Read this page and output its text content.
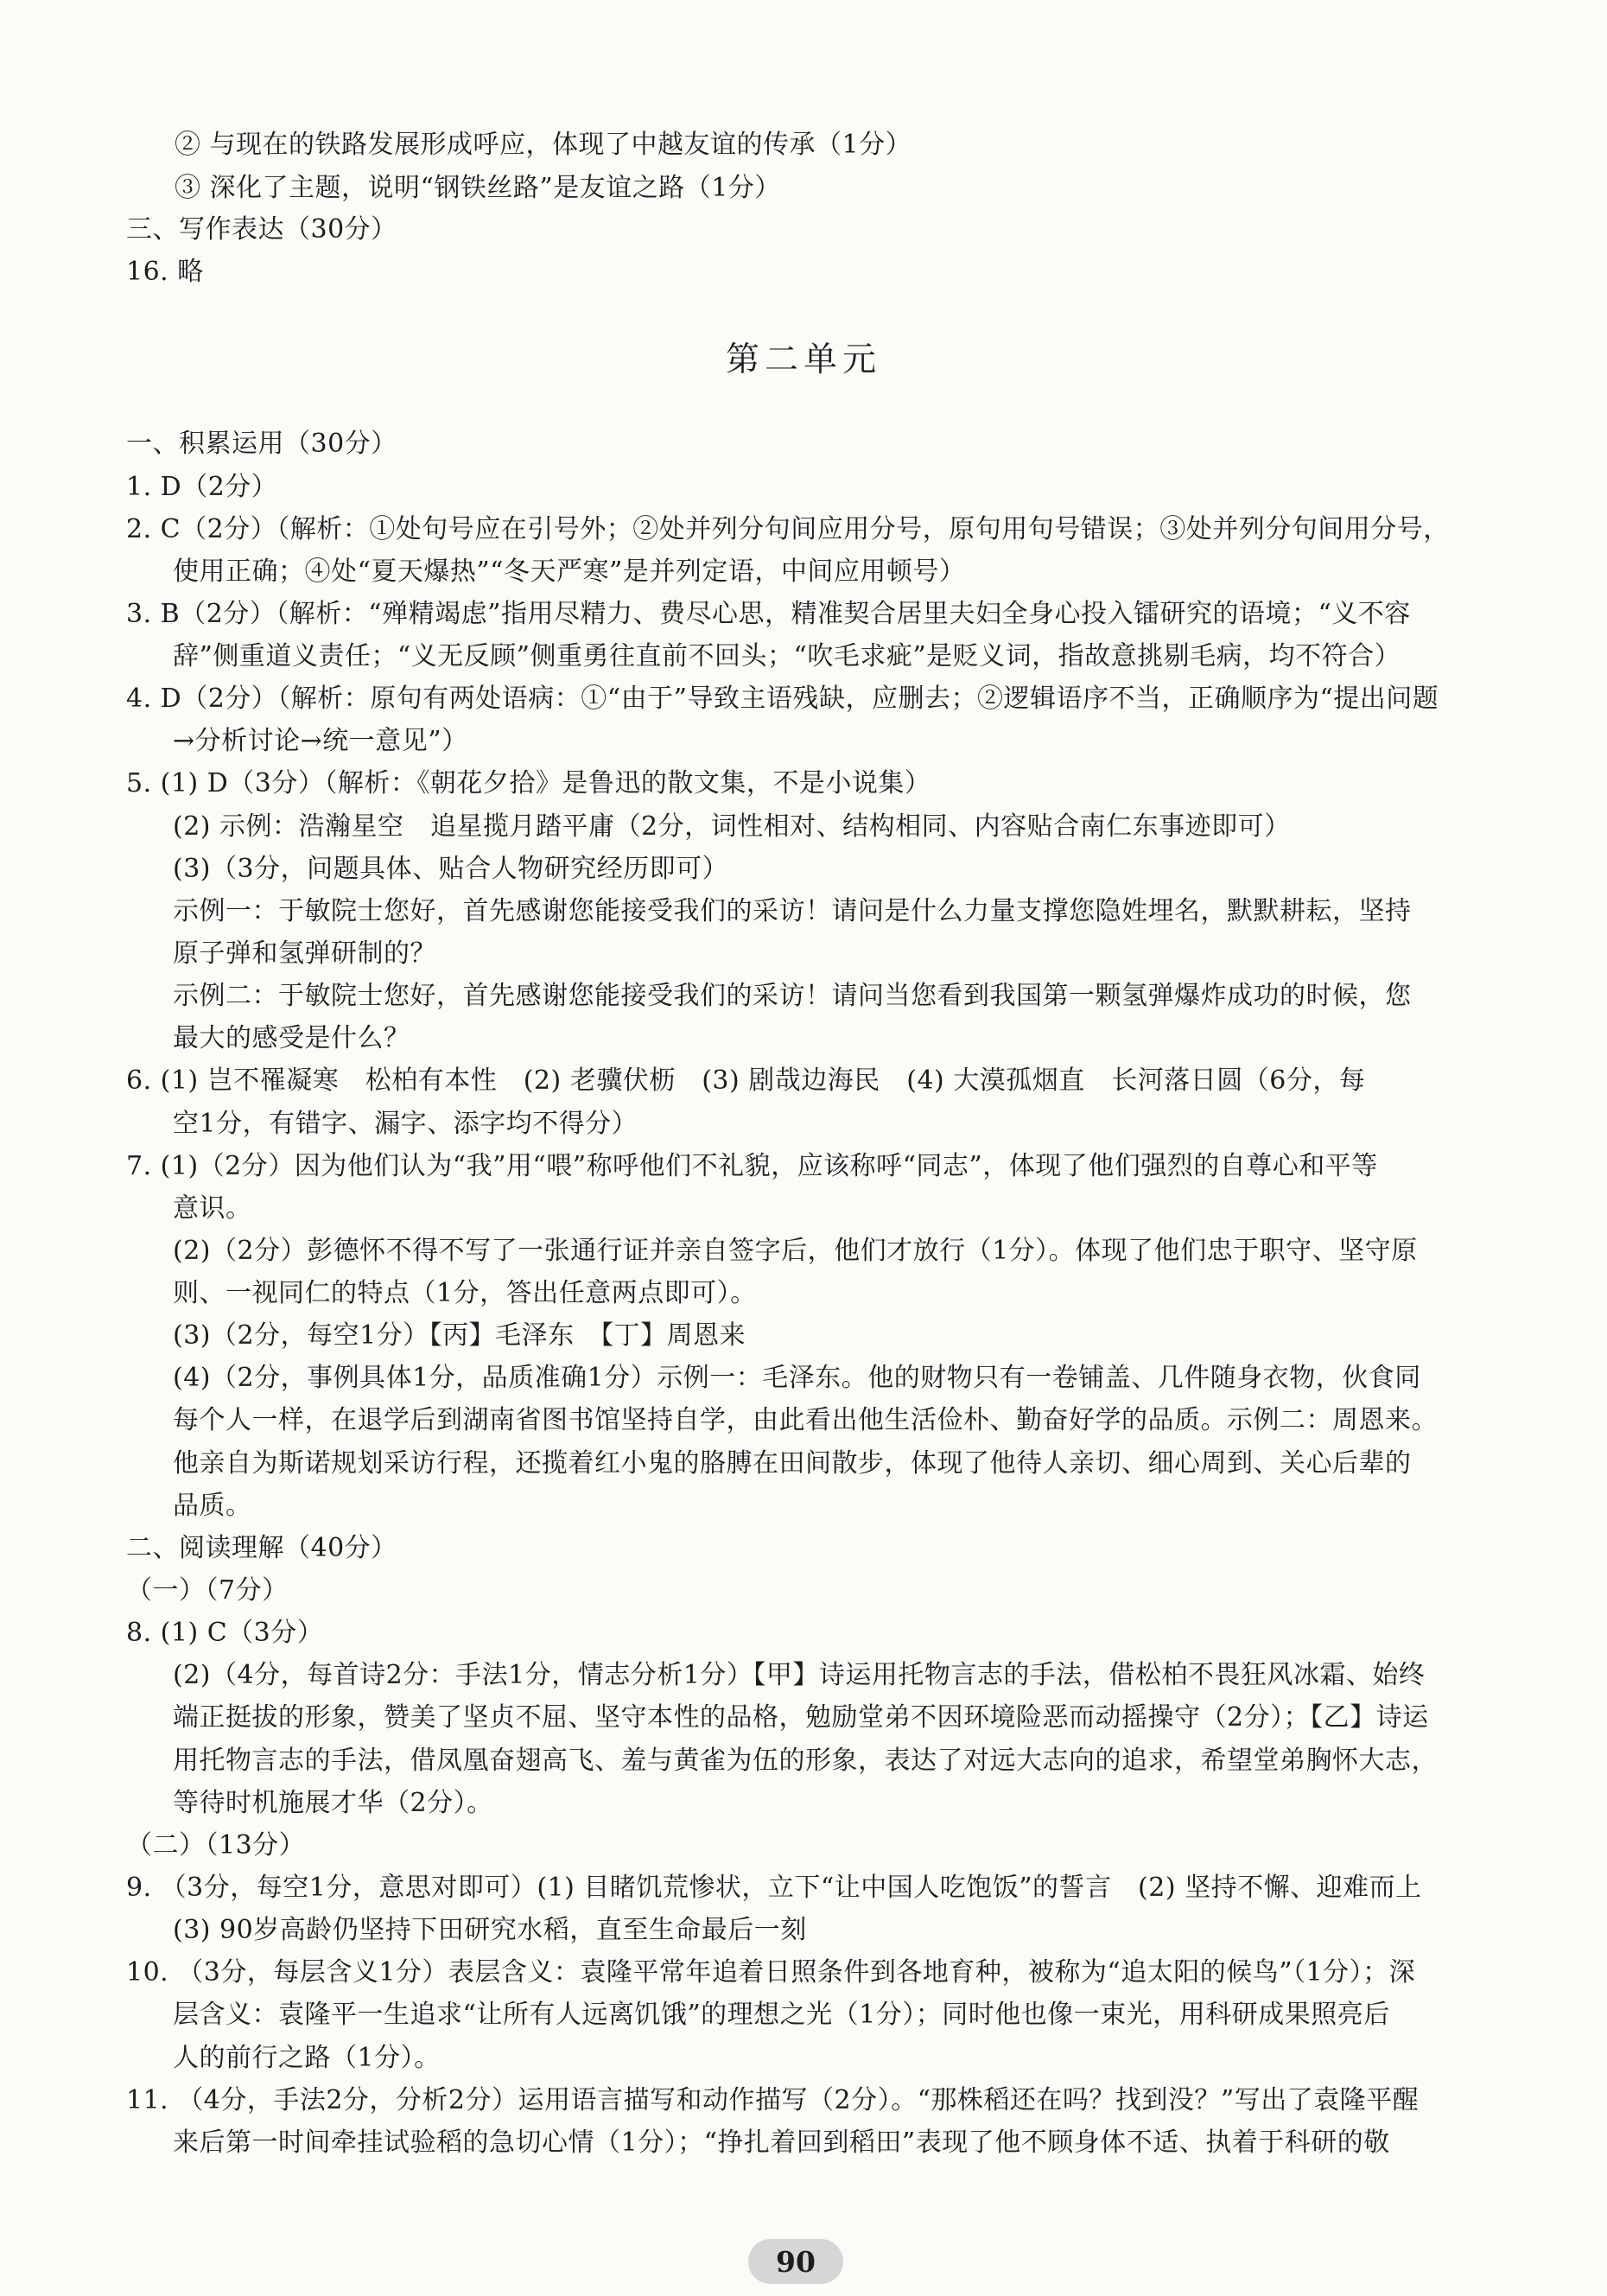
② 与现在的铁路发展形成呼应，体现了中越友谊的传承（1分）
③ 深化了主题，说明“钢铁丝路”是友谊之路（1分）
三、写作表达（30分）
16. 略
第二单元
一、积累运用（30分）
1. D（2分）
2. C（2分）（解析：①处句号应在引号外；②处并列分句间应用分号，原句用句号错误；③处并列分句间用分号，
使用正确；④处“夏天爆热”“冬天严寒”是并列定语，中间应用顿号）
3. B（2分）（解析：“殚精竭虑”指用尽精力、费尽心思，精准契合居里夫妇全身心投入镭研究的语境；“义不容
辞”侧重道义责任；“义无反顾”侧重勇往直前不回头；“吹毛求疵”是贬义词，指故意挑剔毛病，均不符合）
4. D（2分）（解析：原句有两处语病：①“由于”导致主语残缺，应删去；②逻辑语序不当，正确顺序为“提出问题
→分析讨论→统一意见”）
5. (1) D（3分）（解析：《朝花夕拾》是鲁迅的散文集，不是小说集）
(2) 示例：浩瀚星空　追星揽月踏平庸（2分，词性相对、结构相同、内容贴合南仁东事迹即可）
(3)（3分，问题具体、贴合人物研究经历即可）
示例一：于敏院士您好，首先感谢您能接受我们的采访！请问是什么力量支撑您隐姓埋名，默默耕耘，坚持
原子弹和氢弹研制的？
示例二：于敏院士您好，首先感谢您能接受我们的采访！请问当您看到我国第一颗氢弹爆炸成功的时候，您
最大的感受是什么？
6. (1) 岂不罹凝寒　松柏有本性　(2) 老骥伏枥　(3) 剧哉边海民　(4) 大漠孤烟直　长河落日圆（6分，每
空1分，有错字、漏字、添字均不得分）
7. (1)（2分）因为他们认为“我”用“喂”称呼他们不礼貌，应该称呼“同志”，体现了他们强烈的自尊心和平等
意识。
(2)（2分）彭德怀不得不写了一张通行证并亲自签字后，他们才放行（1分）。体现了他们忠于职守、坚守原
则、一视同仁的特点（1分，答出任意两点即可）。
(3)（2分，每空1分）【丙】毛泽东　【丁】周恩来
(4)（2分，事例具体1分，品质准确1分）示例一：毛泽东。他的财物只有一卷铺盖、几件随身衣物，伙食同
每个人一样，在退学后到湖南省图书馆坚持自学，由此看出他生活俭朴、勤奋好学的品质。示例二：周恩来。
他亲自为斯诺规划采访行程，还揽着红小鬼的胳膊在田间散步，体现了他待人亲切、细心周到、关心后辈的
品质。
二、阅读理解（40分）
（一）（7分）
8. (1) C（3分）
(2)（4分，每首诗2分：手法1分，情志分析1分）【甲】诗运用托物言志的手法，借松柏不畏狂风冰霜、始终
端正挺拔的形象，赞美了坚贞不屈、坚守本性的品格，勉励堂弟不因环境险恶而动摇操守（2分）；【乙】诗运
用托物言志的手法，借凤凰奋翅高飞、羞与黄雀为伍的形象，表达了对远大志向的追求，希望堂弟胸怀大志，
等待时机施展才华（2分）。
（二）（13分）
9. （3分，每空1分，意思对即可）(1) 目睹饥荒惨状，立下“让中国人吃饱饭”的誓言　(2) 坚持不懈、迎难而上
(3) 90岁高龄仍坚持下田研究水稻，直至生命最后一刻
10. （3分，每层含义1分）表层含义：袁隆平常年追着日照条件到各地育种，被称为“追太阳的候鸟”（1分）；深
层含义：袁隆平一生追求“让所有人远离饥饿”的理想之光（1分）；同时他也像一束光，用科研成果照亮后
人的前行之路（1分）。
11. （4分，手法2分，分析2分）运用语言描写和动作描写（2分）。“那株稻还在吗？找到没？”写出了袁隆平醒
来后第一时间牵挂试验稻的急切心情（1分）；“挣扎着回到稻田”表现了他不顾身体不适、执着于科研的敬
90
